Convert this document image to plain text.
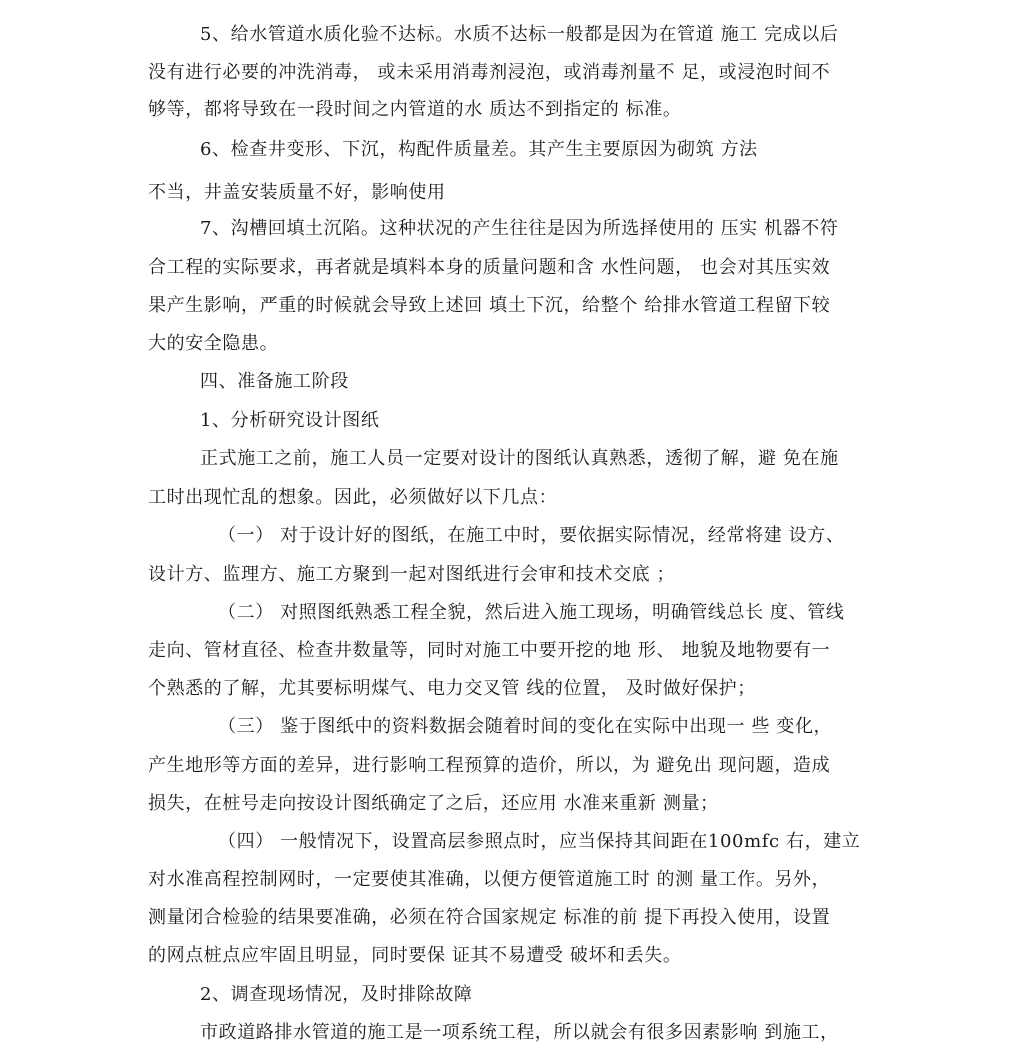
5、给水管道水质化验不达标。水质不达标一般都是因为在管道 施工 完成以后
没有进行必要的冲洗消毒， 或未采用消毒剂浸泡，或消毒剂量不 足，或浸泡时间不
够等，都将导致在一段时间之内管道的水 质达不到指定的 标准。
6、检查井变形、下沉，构配件质量差。其产生主要原因为砌筑 方法
不当，井盖安装质量不好，影响使用
7、沟槽回填土沉陷。这种状况的产生往往是因为所选择使用的 压实 机器不符
合工程的实际要求，再者就是填料本身的质量问题和含 水性问题， 也会对其压实效
果产生影响，严重的时候就会导致上述回 填土下沉，给整个 给排水管道工程留下较
大的安全隐患。
四、准备施工阶段
1、分析研究设计图纸
正式施工之前，施工人员一定要对设计的图纸认真熟悉，透彻了解，避 免在施
工时出现忙乱的想象。因此，必须做好以下几点：
（一） 对于设计好的图纸，在施工中时，要依据实际情况，经常将建 设方、
设计方、监理方、施工方聚到一起对图纸进行会审和技术交底 ；
（二） 对照图纸熟悉工程全貌，然后进入施工现场，明确管线总长 度、管线
走向、管材直径、检查井数量等，同时对施工中要开挖的地 形、 地貌及地物要有一
个熟悉的了解，尤其要标明煤气、电力交叉管 线的位置， 及时做好保护；
（三） 鉴于图纸中的资料数据会随着时间的变化在实际中出现一 些 变化，
产生地形等方面的差异，进行影响工程预算的造价，所以，为 避免出 现问题，造成
损失，在桩号走向按设计图纸确定了之后，还应用 水准来重新 测量；
（四） 一般情况下，设置高层参照点时，应当保持其间距在100mfc 右，建立
对水准高程控制网时，一定要使其准确，以便方便管道施工时 的测 量工作。另外，
测量闭合检验的结果要准确，必须在符合国家规定 标准的前 提下再投入使用，设置
的网点桩点应牢固且明显，同时要保 证其不易遭受 破坏和丢失。
2、调查现场情况，及时排除故障
市政道路排水管道的施工是一项系统工程，所以就会有很多因素影响 到施工，
